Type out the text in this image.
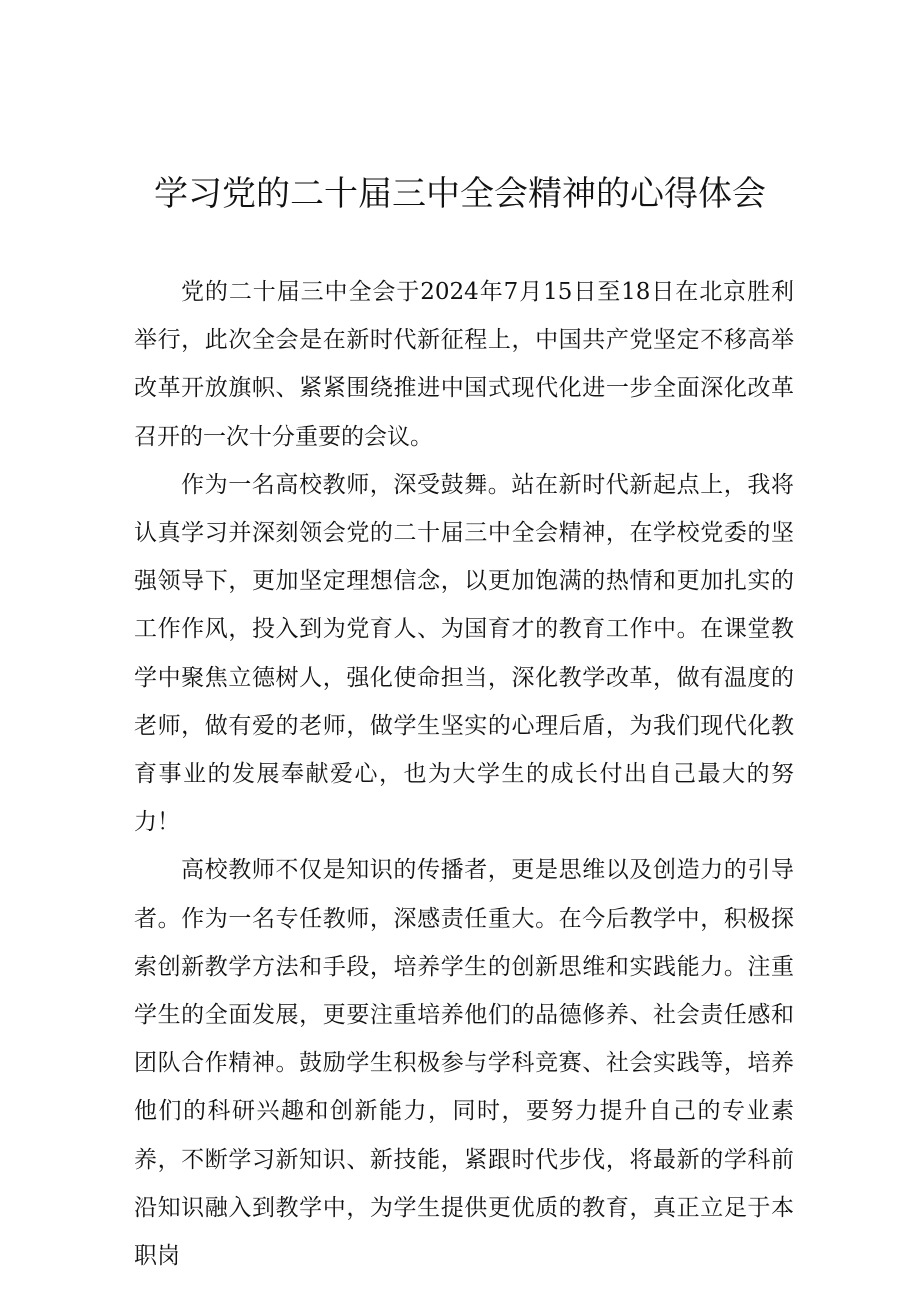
学习党的二十届三中全会精神的心得体会

党的二十届三中全会于2024年7月15日至18日在北京胜利举行，此次全会是在新时代新征程上，中国共产党坚定不移高举改革开放旗帜、紧紧围绕推进中国式现代化进一步全面深化改革召开的一次十分重要的会议。

作为一名高校教师，深受鼓舞。站在新时代新起点上，我将认真学习并深刻领会党的二十届三中全会精神，在学校党委的坚强领导下，更加坚定理想信念，以更加饱满的热情和更加扎实的工作作风，投入到为党育人、为国育才的教育工作中。在课堂教学中聚焦立德树人，强化使命担当，深化教学改革，做有温度的老师，做有爱的老师，做学生坚实的心理后盾，为我们现代化教育事业的发展奉献爱心，也为大学生的成长付出自己最大的努力！

高校教师不仅是知识的传播者，更是思维以及创造力的引导者。作为一名专任教师，深感责任重大。在今后教学中，积极探索创新教学方法和手段，培养学生的创新思维和实践能力。注重学生的全面发展，更要注重培养他们的品德修养、社会责任感和团队合作精神。鼓励学生积极参与学科竞赛、社会实践等，培养他们的科研兴趣和创新能力，同时，要努力提升自己的专业素养，不断学习新知识、新技能，紧跟时代步伐，将最新的学科前沿知识融入到教学中，为学生提供更优质的教育，真正立足于本职岗
